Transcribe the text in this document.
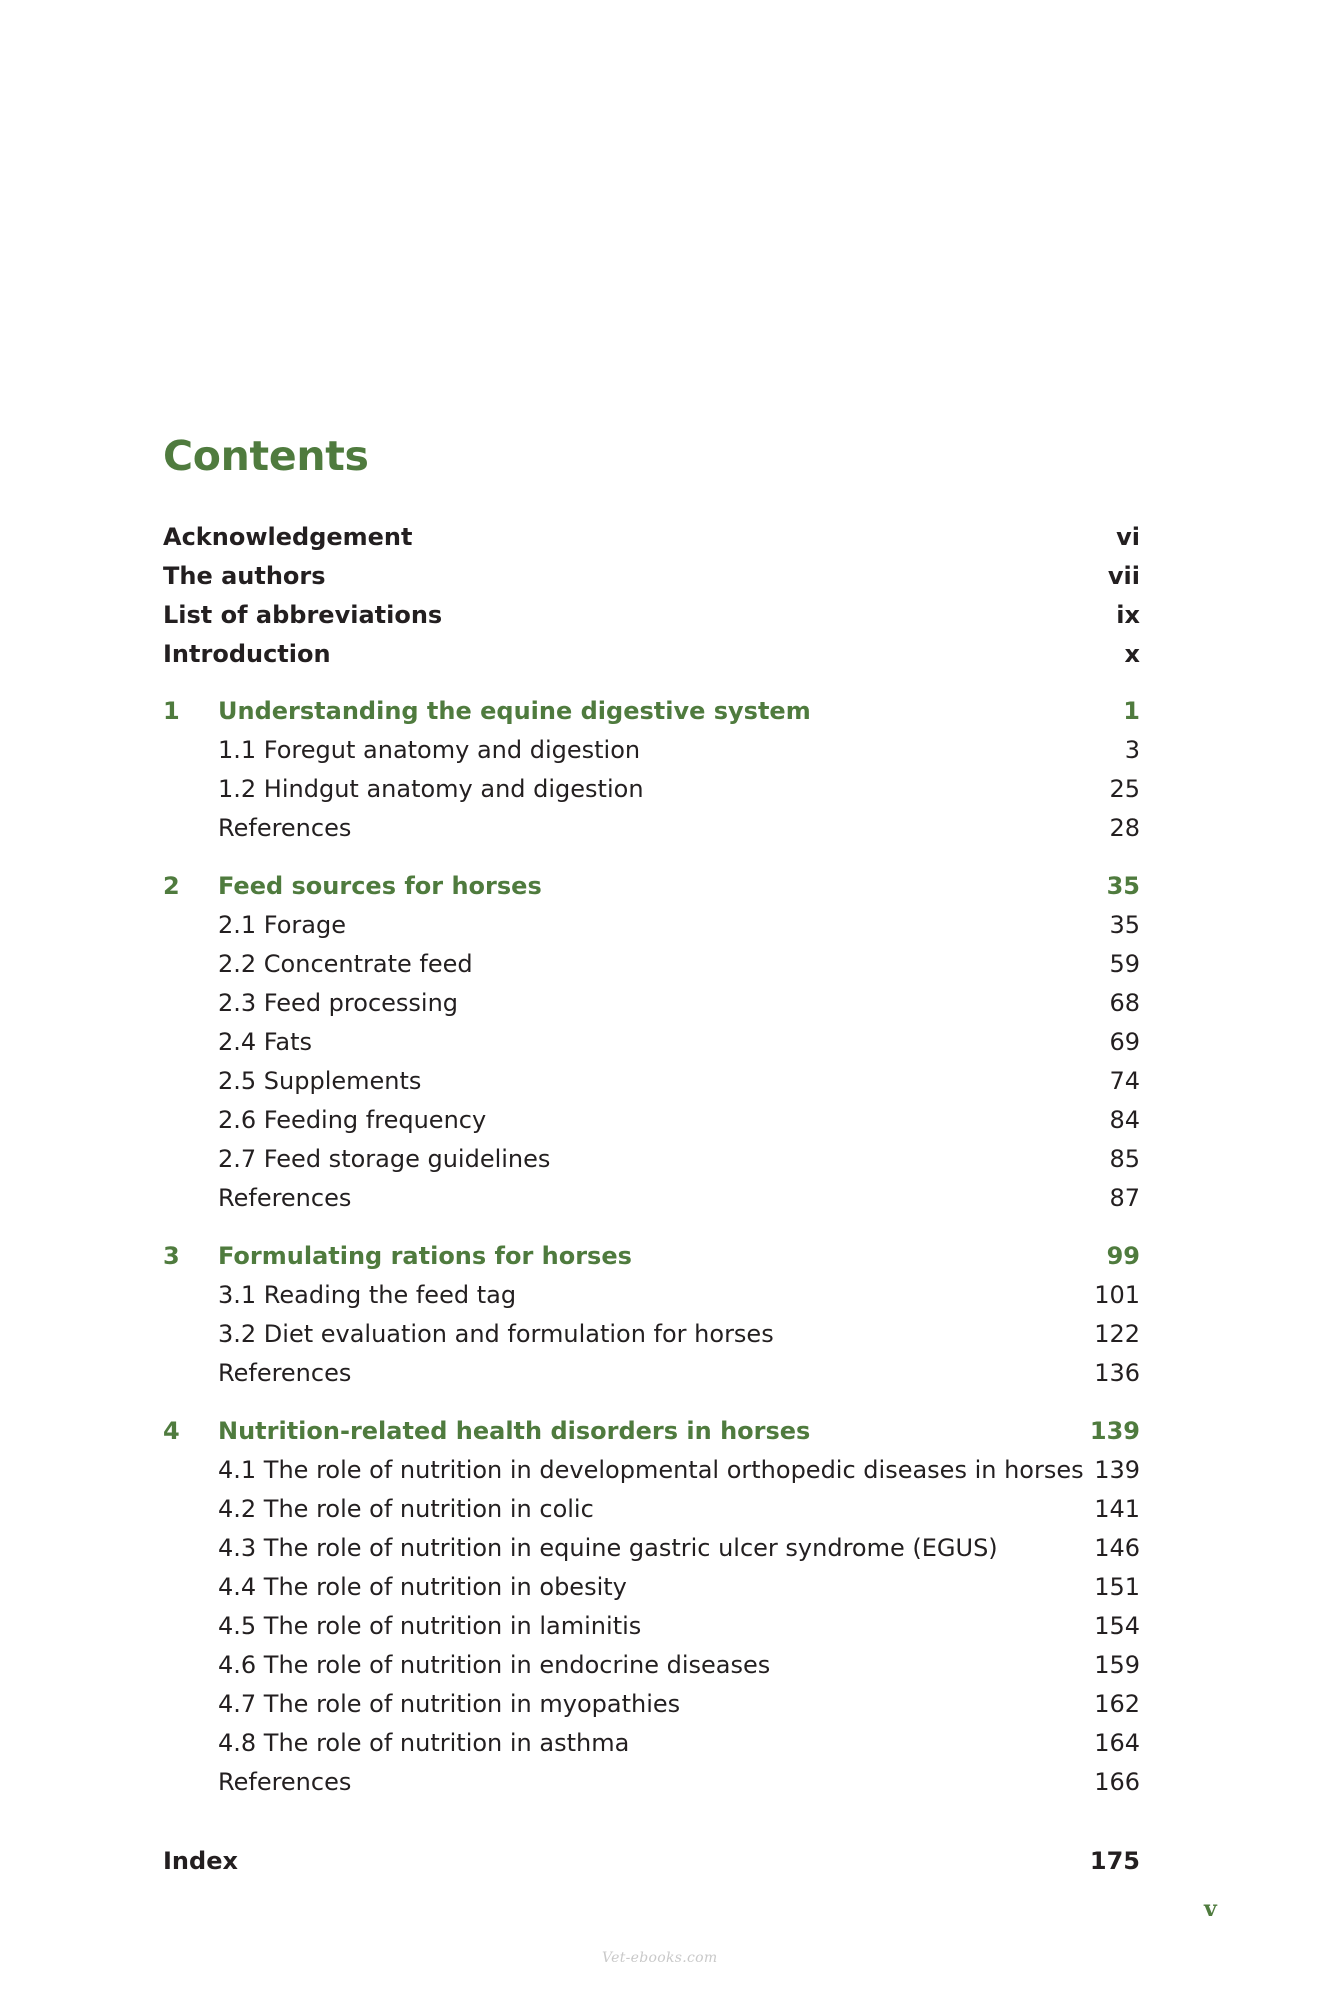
Contents
Acknowledgement	vi
The authors	vii
List of abbreviations	ix
Introduction	x
1 Understanding the equine digestive system	1
1.1 Foregut anatomy and digestion	3
1.2 Hindgut anatomy and digestion	25
References	28
2 Feed sources for horses	35
2.1 Forage	35
2.2 Concentrate feed	59
2.3 Feed processing	68
2.4 Fats	69
2.5 Supplements	74
2.6 Feeding frequency	84
2.7 Feed storage guidelines	85
References	87
3 Formulating rations for horses	99
3.1 Reading the feed tag	101
3.2 Diet evaluation and formulation for horses	122
References	136
4 Nutrition-related health disorders in horses	139
4.1 The role of nutrition in developmental orthopedic diseases in horses 139
4.2 The role of nutrition in colic	141
4.3 The role of nutrition in equine gastric ulcer syndrome (EGUS)	146
4.4 The role of nutrition in obesity	151
4.5 The role of nutrition in laminitis	154
4.6 The role of nutrition in endocrine diseases	159
4.7 The role of nutrition in myopathies	162
4.8 The role of nutrition in asthma	164
References	166
Index	175
v
Vet-ebooks.com
